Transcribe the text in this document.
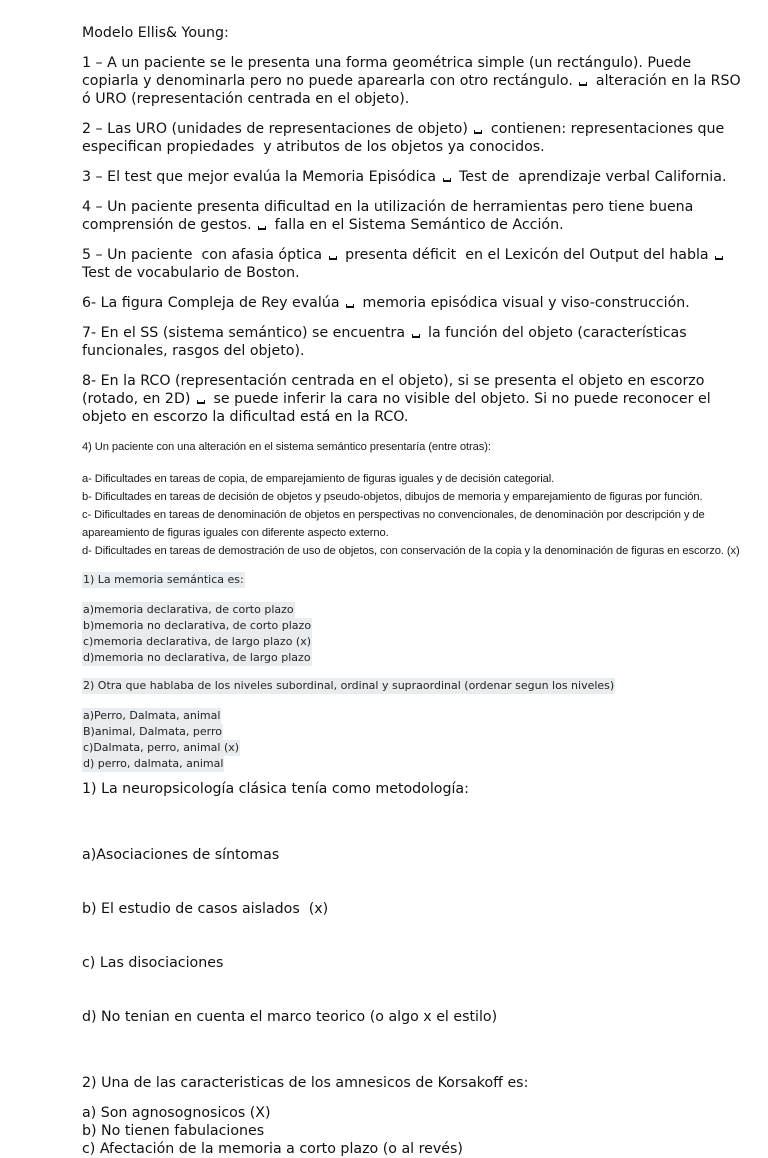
Modelo Ellis& Young:

1 – A un paciente se le presenta una forma geométrica simple (un rectángulo). Puede copiarla y denominarla pero no puede aparearla con otro rectángulo.  alteración en la RSO  ó URO (representación centrada en el objeto).

2 – Las URO (unidades de representaciones de objeto)  contienen: representaciones que especifican propiedades  y atributos de los objetos ya conocidos.

3 – El test que mejor evalúa la Memoria Episódica  Test de  aprendizaje verbal California.

4 – Un paciente presenta dificultad en la utilización de herramientas pero tiene buena comprensión de gestos.  falla en el Sistema Semántico de Acción.

5 – Un paciente  con afasia óptica  presenta déficit  en el Lexicón del Output del habla  Test de vocabulario de Boston.

6- La figura Compleja de Rey evalúa  memoria episódica visual y viso-construcción.

7- En el SS (sistema semántico) se encuentra  la función del objeto (características funcionales, rasgos del objeto).

8- En la RCO (representación centrada en el objeto), si se presenta el objeto en escorzo (rotado, en 2D)  se puede inferir la cara no visible del objeto. Si no puede reconocer el objeto en escorzo la dificultad está en la RCO.

4) Un paciente con una alteración en el sistema semántico presentaría (entre otras):

a- Dificultades en tareas de copia, de emparejamiento de figuras iguales y de decisión categorial.

b- Dificultades en tareas de decisión de objetos y pseudo-objetos, dibujos de memoria y emparejamiento de figuras por función.

c- Dificultades en tareas de denominación de objetos en perspectivas no convencionales, de denominación por descripción y de apareamiento de figuras iguales con diferente aspecto externo.

d- Dificultades en tareas de demostración de uso de objetos, con conservación de la copia y la denominación de figuras en escorzo. (x)

1) La memoria semántica es:

a)memoria declarativa, de corto plazo

b)memoria no declarativa, de corto plazo

c)memoria declarativa, de largo plazo (x)

d)memoria no declarativa, de largo plazo

2) Otra que hablaba de los niveles subordinal, ordinal y supraordinal (ordenar segun los niveles)

a)Perro, Dalmata, animal

B)animal, Dalmata, perro

c)Dalmata, perro, animal (x)

d) perro, dalmata, animal

1) La neuropsicología clásica tenía como metodología:

a)Asociaciones de síntomas

b) El estudio de casos aislados  (x)

c) Las disociaciones

d) No tenian en cuenta el marco teorico (o algo x el estilo)

2) Una de las caracteristicas de los amnesicos de Korsakoff es:

a) Son agnosognosicos (X)

b) No tienen fabulaciones

c) Afectación de la memoria a corto plazo (o al revés)
